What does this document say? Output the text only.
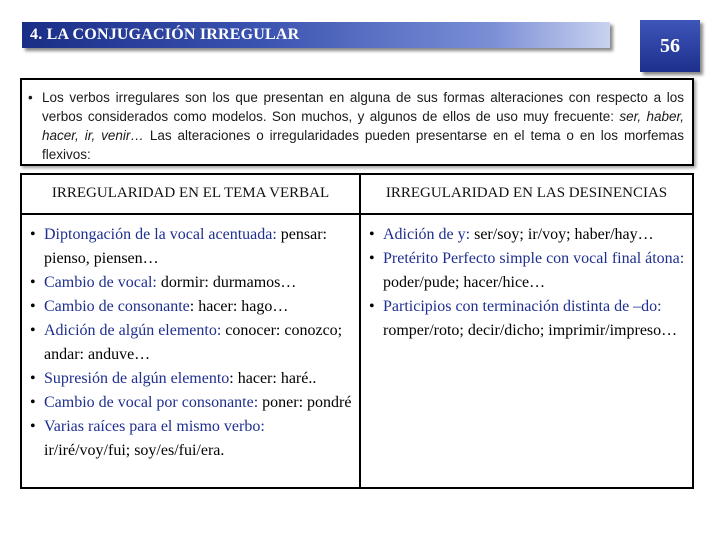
4. LA CONJUGACIÓN IRREGULAR
56
• Los verbos irregulares son los que presentan en alguna de sus formas alteraciones con respecto a los verbos considerados como modelos. Son muchos, y algunos de ellos de uso muy frecuente: ser, haber, hacer, ir, venir… Las alteraciones o irregularidades pueden presentarse en el tema o en los morfemas flexivos:
IRREGULARIDAD EN EL TEMA VERBAL	IRREGULARIDAD EN LAS DESINENCIAS
• Diptongación de la vocal acentuada: pensar: pienso, piensen…
• Cambio de vocal: dormir: durmamos…
• Cambio de consonante: hacer: hago…
• Adición de algún elemento: conocer: conozco; andar: anduve…
• Supresión de algún elemento: hacer: haré..
• Cambio de vocal por consonante: poner: pondré
• Varias raíces para el mismo verbo: ir/iré/voy/fui; soy/es/fui/era.
• Adición de y: ser/soy; ir/voy; haber/hay…
• Pretérito Perfecto simple con vocal final átona: poder/pude; hacer/hice…
• Participios con terminación distinta de –do: romper/roto; decir/dicho; imprimir/impreso…
